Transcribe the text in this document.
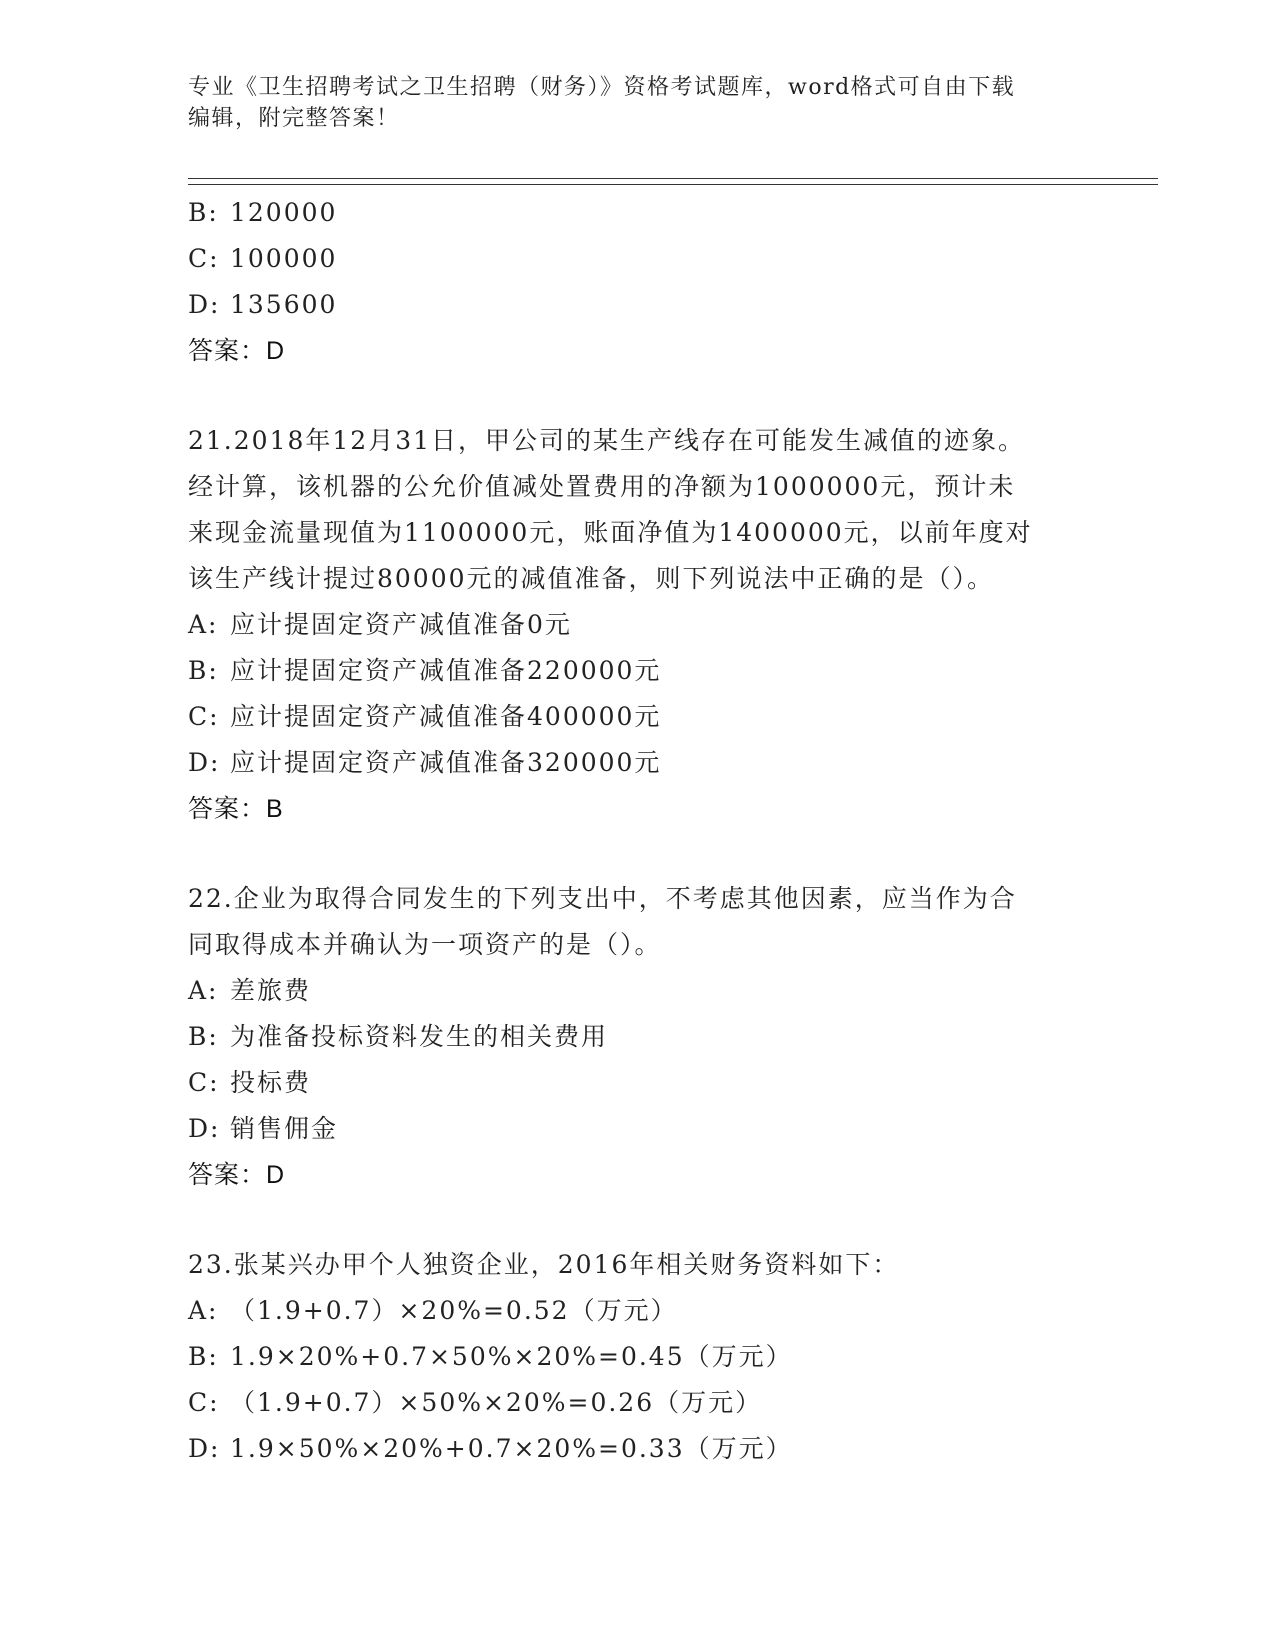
专业《卫生招聘考试之卫生招聘（财务）》资格考试题库，word格式可自由下载
编辑，附完整答案！
B: 120000
C: 100000
D: 135600
答案：D
21.2018年12月31日，甲公司的某生产线存在可能发生减值的迹象。
经计算，该机器的公允价值减处置费用的净额为1000000元，预计未
来现金流量现值为1100000元，账面净值为1400000元，以前年度对
该生产线计提过80000元的减值准备，则下列说法中正确的是（）。
A: 应计提固定资产减值准备0元
B: 应计提固定资产减值准备220000元
C: 应计提固定资产减值准备400000元
D: 应计提固定资产减值准备320000元
答案：B
22.企业为取得合同发生的下列支出中，不考虑其他因素，应当作为合
同取得成本并确认为一项资产的是（）。
A: 差旅费
B: 为准备投标资料发生的相关费用
C: 投标费
D: 销售佣金
答案：D
23.张某兴办甲个人独资企业，2016年相关财务资料如下：
A: （1.9+0.7）×20%=0.52（万元）
B: 1.9×20%+0.7×50%×20%=0.45（万元）
C: （1.9+0.7）×50%×20%=0.26（万元）
D: 1.9×50%×20%+0.7×20%=0.33（万元）
